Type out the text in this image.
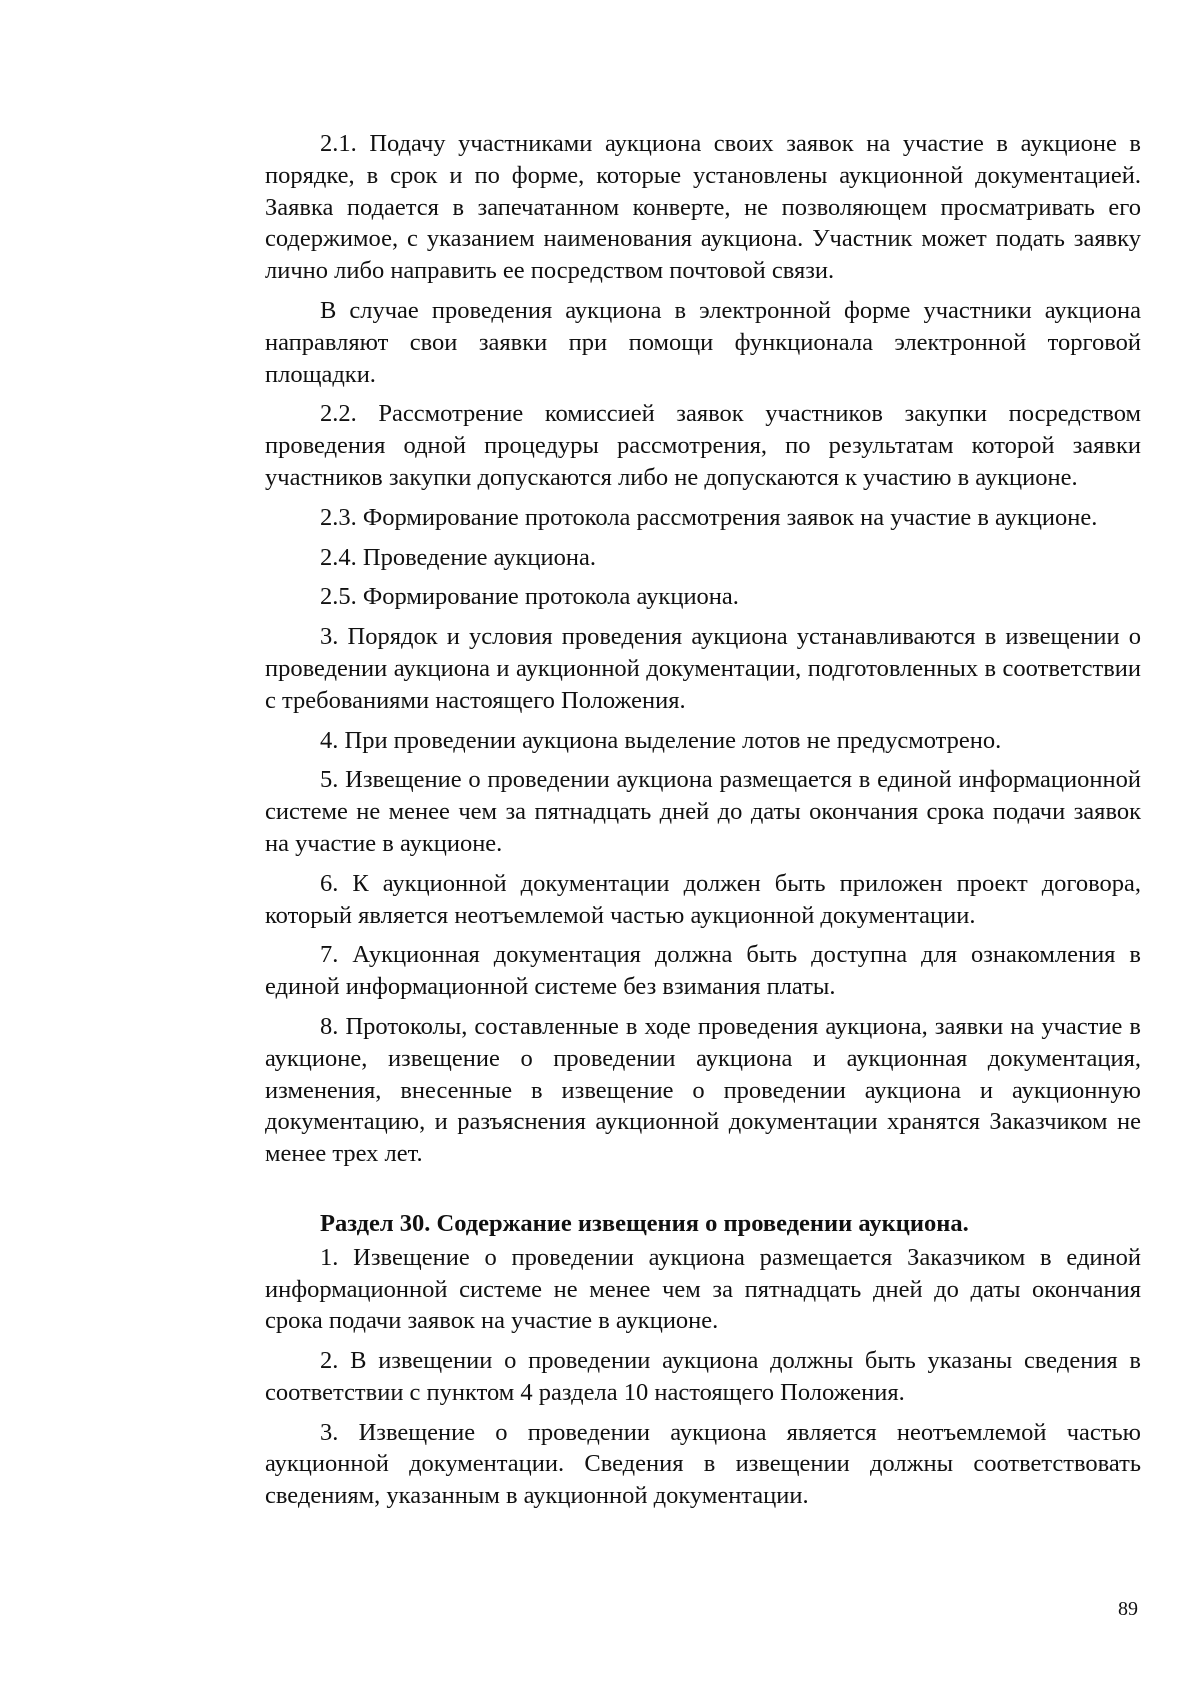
2.1. Подачу участниками аукциона своих заявок на участие в аукционе в порядке, в срок и по форме, которые установлены аукционной документацией. Заявка подается в запечатанном конверте, не позволяющем просматривать его содержимое, с указанием наименования аукциона. Участник может подать заявку лично либо направить ее посредством почтовой связи.

В случае проведения аукциона в электронной форме участники аукциона направляют свои заявки при помощи функционала электронной торговой площадки.

2.2. Рассмотрение комиссией заявок участников закупки посредством проведения одной процедуры рассмотрения, по результатам которой заявки участников закупки допускаются либо не допускаются к участию в аукционе.

2.3. Формирование протокола рассмотрения заявок на участие в аукционе.

2.4. Проведение аукциона.

2.5. Формирование протокола аукциона.

3. Порядок и условия проведения аукциона устанавливаются в извещении о проведении аукциона и аукционной документации, подготовленных в соответствии с требованиями настоящего Положения.

4. При проведении аукциона выделение лотов не предусмотрено.

5. Извещение о проведении аукциона размещается в единой информационной системе не менее чем за пятнадцать дней до даты окончания срока подачи заявок на участие в аукционе.

6. К аукционной документации должен быть приложен проект договора, который является неотъемлемой частью аукционной документации.

7. Аукционная документация должна быть доступна для ознакомления в единой информационной системе без взимания платы.

8. Протоколы, составленные в ходе проведения аукциона, заявки на участие в аукционе, извещение о проведении аукциона и аукционная документация, изменения, внесенные в извещение о проведении аукциона и аукционную документацию, и разъяснения аукционной документации хранятся Заказчиком не менее трех лет.

Раздел 30. Содержание извещения о проведении аукциона.

1. Извещение о проведении аукциона размещается Заказчиком в единой информационной системе не менее чем за пятнадцать дней до даты окончания срока подачи заявок на участие в аукционе.

2. В извещении о проведении аукциона должны быть указаны сведения в соответствии с пунктом 4 раздела 10 настоящего Положения.

3. Извещение о проведении аукциона является неотъемлемой частью аукционной документации. Сведения в извещении должны соответствовать сведениям, указанным в аукционной документации.

89
